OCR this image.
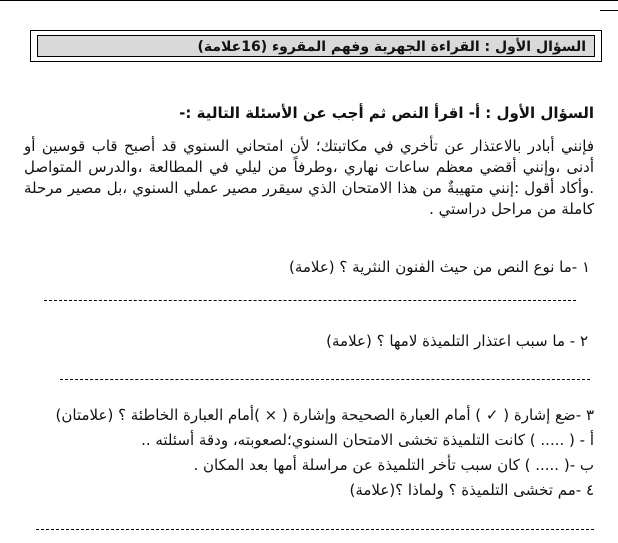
السؤال الأول : القراءة الجهرية وفهم المقروء (16علامة)
السؤال الأول : أ- اقرأ النص ثم أجب عن الأسئلة التالية :-
فإنني أبادر بالاعتذار عن تأخري في مكاتبتك؛ لأن امتحاني السنوي قد أصبح قاب قوسين أو أدنى ،وإنني أقضي معظم ساعات نهاري ،وطرفاً من ليلي في المطالعة ،والدرس المتواصل .وأكاد أقول :إنني متهيبةٌ من هذا الامتحان الذي سيقرر مصير عملي السنوي ،بل مصير مرحلة كاملة من مراحل دراستي .
١ -ما نوع النص من حيث الفنون النثرية ؟ (علامة)
٢ - ما سبب اعتذار التلميذة لامها ؟ (علامة)
٣ -ضع إشارة ( ✓ ) أمام العبارة الصحيحة وإشارة ( × )أمام العبارة الخاطئة ؟ (علامتان)
أ - ( ..... ) كانت التلميذة تخشى الامتحان السنوي؛لصعوبته، ودقة أسئلته ..
ب -( ..... ) كان سبب تأخر التلميذة عن مراسلة أمها بعد المكان .
٤ -مم تخشى التلميذة ؟ ولماذا ؟(علامة)
